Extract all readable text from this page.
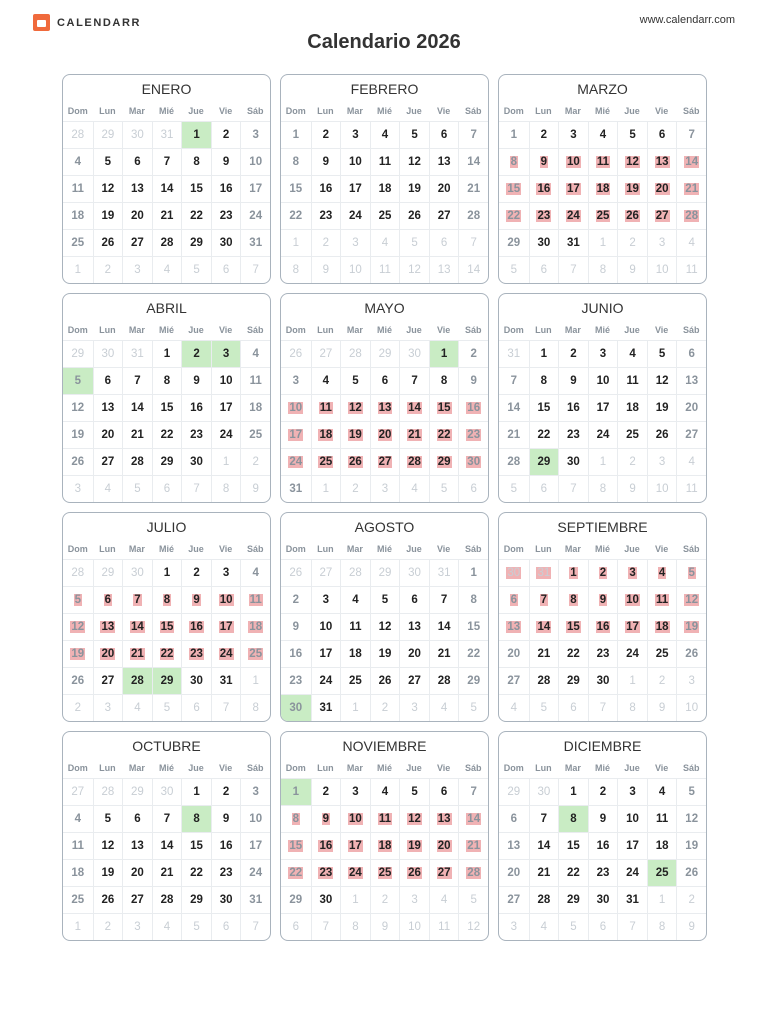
CALENDARR	www.calendarr.com
Calendario 2026
ENERO
Dom	Lun	Mar	Mié	Jue	Vie	Sáb
28	29	30	31	1	2	3
4	5	6	7	8	9	10
11	12	13	14	15	16	17
18	19	20	21	22	23	24
25	26	27	28	29	30	31
1	2	3	4	5	6	7
FEBRERO
Dom	Lun	Mar	Mié	Jue	Vie	Sáb
1	2	3	4	5	6	7
8	9	10	11	12	13	14
15	16	17	18	19	20	21
22	23	24	25	26	27	28
1	2	3	4	5	6	7
8	9	10	11	12	13	14
MARZO
Dom	Lun	Mar	Mié	Jue	Vie	Sáb
1	2	3	4	5	6	7
8	9	10	11	12	13	14
15	16	17	18	19	20	21
22	23	24	25	26	27	28
29	30	31	1	2	3	4
5	6	7	8	9	10	11
ABRIL
Dom	Lun	Mar	Mié	Jue	Vie	Sáb
29	30	31	1	2	3	4
5	6	7	8	9	10	11
12	13	14	15	16	17	18
19	20	21	22	23	24	25
26	27	28	29	30	1	2
3	4	5	6	7	8	9
MAYO
Dom	Lun	Mar	Mié	Jue	Vie	Sáb
26	27	28	29	30	1	2
3	4	5	6	7	8	9
10	11	12	13	14	15	16
17	18	19	20	21	22	23
24	25	26	27	28	29	30
31	1	2	3	4	5	6
JUNIO
Dom	Lun	Mar	Mié	Jue	Vie	Sáb
31	1	2	3	4	5	6
7	8	9	10	11	12	13
14	15	16	17	18	19	20
21	22	23	24	25	26	27
28	29	30	1	2	3	4
5	6	7	8	9	10	11
JULIO
Dom	Lun	Mar	Mié	Jue	Vie	Sáb
28	29	30	1	2	3	4
5	6	7	8	9	10	11
12	13	14	15	16	17	18
19	20	21	22	23	24	25
26	27	28	29	30	31	1
2	3	4	5	6	7	8
AGOSTO
Dom	Lun	Mar	Mié	Jue	Vie	Sáb
26	27	28	29	30	31	1
2	3	4	5	6	7	8
9	10	11	12	13	14	15
16	17	18	19	20	21	22
23	24	25	26	27	28	29
30	31	1	2	3	4	5
SEPTIEMBRE
Dom	Lun	Mar	Mié	Jue	Vie	Sáb
30	31	1	2	3	4	5
6	7	8	9	10	11	12
13	14	15	16	17	18	19
20	21	22	23	24	25	26
27	28	29	30	1	2	3
4	5	6	7	8	9	10
OCTUBRE
Dom	Lun	Mar	Mié	Jue	Vie	Sáb
27	28	29	30	1	2	3
4	5	6	7	8	9	10
11	12	13	14	15	16	17
18	19	20	21	22	23	24
25	26	27	28	29	30	31
1	2	3	4	5	6	7
NOVIEMBRE
Dom	Lun	Mar	Mié	Jue	Vie	Sáb
1	2	3	4	5	6	7
8	9	10	11	12	13	14
15	16	17	18	19	20	21
22	23	24	25	26	27	28
29	30	1	2	3	4	5
6	7	8	9	10	11	12
DICIEMBRE
Dom	Lun	Mar	Mié	Jue	Vie	Sáb
29	30	1	2	3	4	5
6	7	8	9	10	11	12
13	14	15	16	17	18	19
20	21	22	23	24	25	26
27	28	29	30	31	1	2
3	4	5	6	7	8	9
